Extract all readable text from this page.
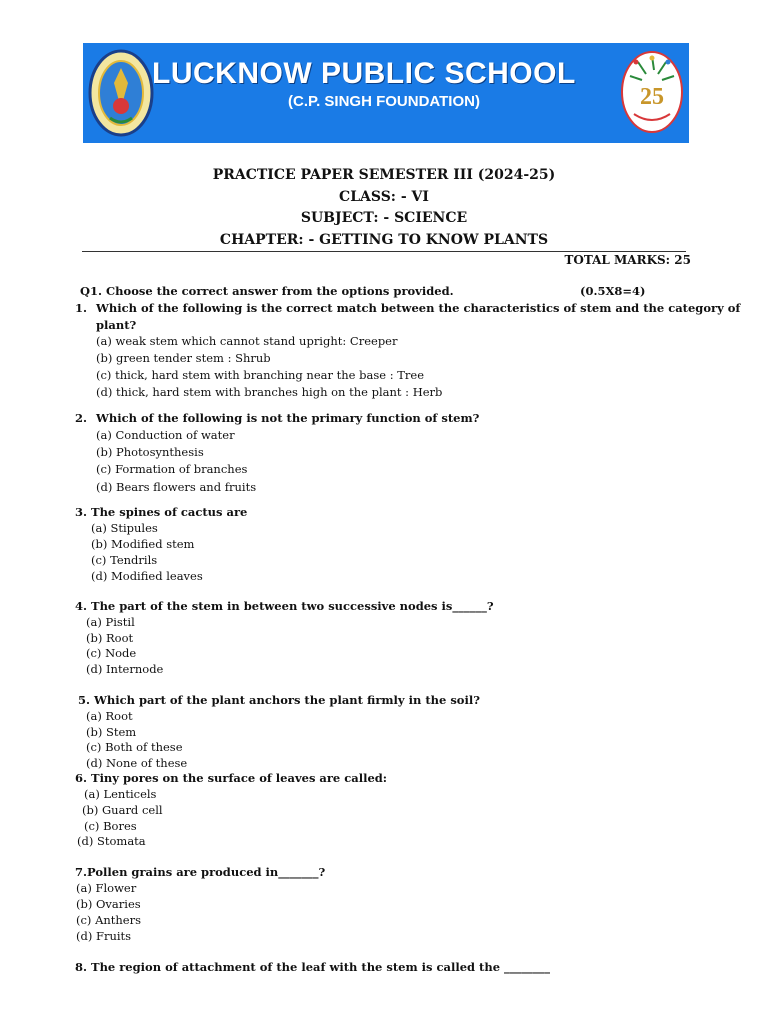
25
LUCKNOW PUBLIC SCHOOL
(C.P. SINGH FOUNDATION)
PRACTICE PAPER SEMESTER III (2024-25)
CLASS: - VI
SUBJECT: - SCIENCE
CHAPTER: - GETTING TO KNOW PLANTS
TOTAL MARKS: 25
Q1. Choose the correct answer from the options provided.	(0.5X8=4)
1. Which of the following is the correct match between the characteristics of stem and the category of
plant?
(a) weak stem which cannot stand upright: Creeper
(b) green tender stem : Shrub
(c) thick, hard stem with branching near the base : Tree
(d) thick, hard stem with branches high on the plant : Herb
2. Which of the following is not the primary function of stem?
(a) Conduction of water
(b) Photosynthesis
(c) Formation of branches
(d) Bears flowers and fruits
3. The spines of cactus are
(a) Stipules
(b) Modified stem
(c) Tendrils
(d) Modified leaves
4. The part of the stem in between two successive nodes is______?
(a) Pistil
(b) Root
(c) Node
(d) Internode
5. Which part of the plant anchors the plant firmly in the soil?
(a) Root
(b) Stem
(c) Both of these
(d) None of these
6. Tiny pores on the surface of leaves are called:
(a) Lenticels
(b) Guard cell
(c) Bores
(d) Stomata
7.Pollen grains are produced in_______?
(a) Flower
(b) Ovaries
(c) Anthers
(d) Fruits
8. The region of attachment of the leaf with the stem is called the ________
